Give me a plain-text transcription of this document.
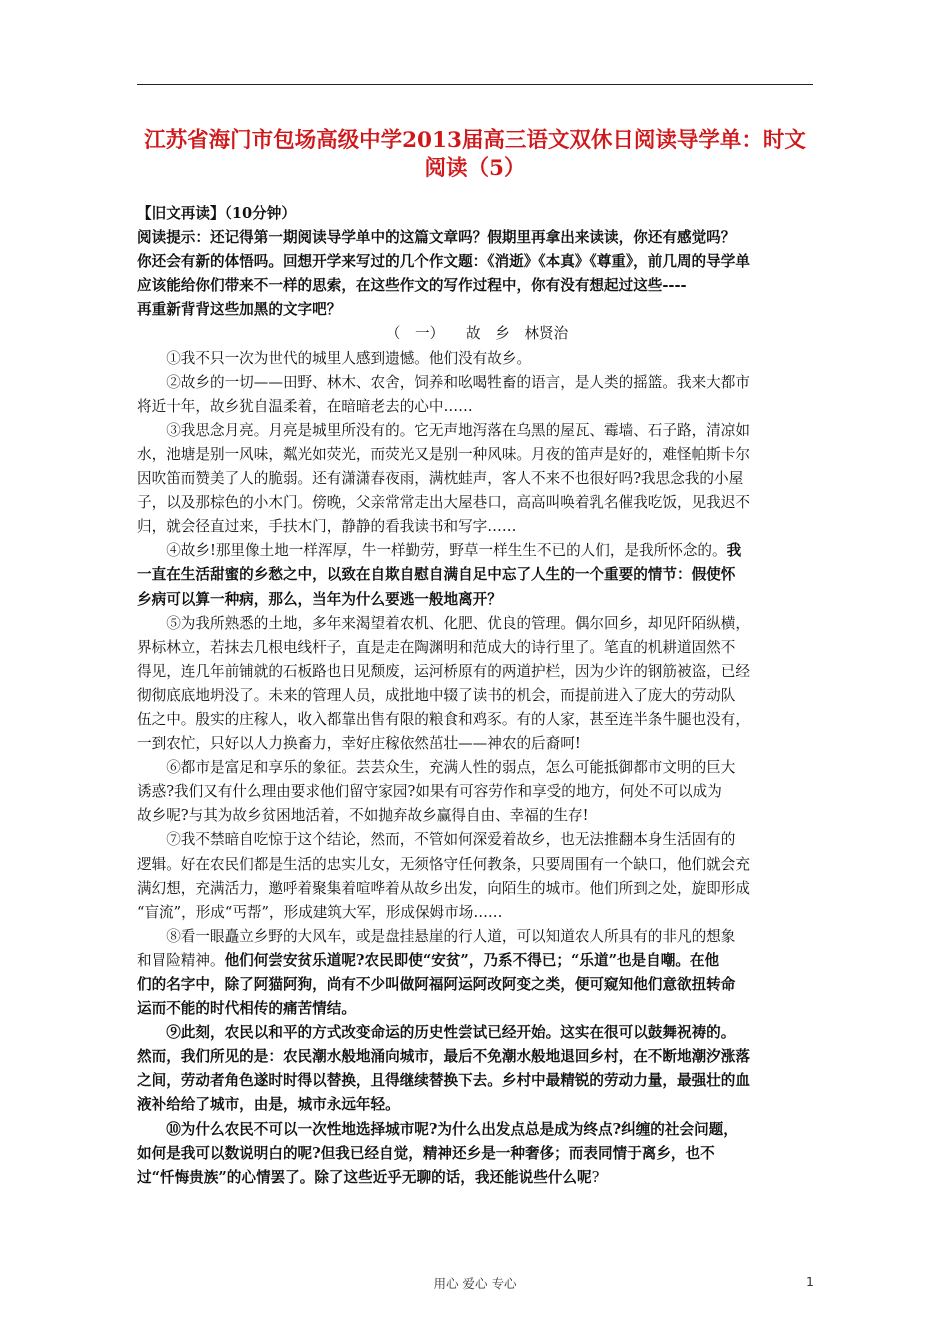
江苏省海门市包场高级中学2013届高三语文双休日阅读导学单：时文阅读（5）
【旧文再读】（10分钟）
阅读提示：还记得第一期阅读导学单中的这篇文章吗？假期里再拿出来读读，你还有感觉吗？
你还会有新的体悟吗。回想开学来写过的几个作文题：《消逝》《本真》《尊重》，前几周的导学单
应该能给你们带来不一样的思索，在这些作文的写作过程中，你有没有想起过这些----
再重新背背这些加黑的文字吧？
（　一）　　故　乡　林贤治
　　①我不只一次为世代的城里人感到遗憾。他们没有故乡。
　　②故乡的一切——田野、林木、农舍，饲养和吆喝牲畜的语言，是人类的摇篮。我来大都市
将近十年，故乡犹自温柔着，在暗暗老去的心中……
　　③我思念月亮。月亮是城里所没有的。它无声地泻落在乌黑的屋瓦、霉墙、石子路，清凉如
水，池塘是别一风味，粼光如荧光，而荧光又是别一种风味。月夜的笛声是好的，难怪帕斯卡尔
因吹笛而赞美了人的脆弱。还有潇潇春夜雨，满枕蛙声，客人不来不也很好吗?我思念我的小屋
子，以及那棕色的小木门。傍晚，父亲常常走出大屋巷口，高高叫唤着乳名催我吃饭，见我迟不
归，就会径直过来，手扶木门，静静的看我读书和写字……
　　④故乡!那里像土地一样浑厚，牛一样勤劳，野草一样生生不已的人们，是我所怀念的。我
一直在生活甜蜜的乡愁之中，以致在自欺自慰自满自足中忘了人生的一个重要的情节：假使怀
乡病可以算一种病，那么，当年为什么要逃一般地离开？
　　⑤为我所熟悉的土地，多年来渴望着农机、化肥、优良的管理。偶尔回乡，却见阡陌纵横，
界标林立，若抹去几根电线杆子，直是走在陶渊明和范成大的诗行里了。笔直的机耕道固然不
得见，连几年前铺就的石板路也日见颓废，运河桥原有的两道护栏，因为少许的钢筋被盗，已经
彻彻底底地坍没了。未来的管理人员，成批地中辍了读书的机会，而提前进入了庞大的劳动队
伍之中。殷实的庄稼人，收入都靠出售有限的粮食和鸡豕。有的人家，甚至连半条牛腿也没有，
一到农忙，只好以人力换畜力，幸好庄稼依然茁壮——神农的后裔呵!
　　⑥都市是富足和享乐的象征。芸芸众生，充满人性的弱点，怎么可能抵御都市文明的巨大
诱惑?我们又有什么理由要求他们留守家园?如果有可容劳作和享受的地方，何处不可以成为
故乡呢?与其为故乡贫困地活着，不如抛弃故乡赢得自由、幸福的生存!
　　⑦我不禁暗自吃惊于这个结论，然而，不管如何深爱着故乡，也无法推翻本身生活固有的
逻辑。好在农民们都是生活的忠实儿女，无须恪守任何教条，只要周围有一个缺口，他们就会充
满幻想，充满活力，邀呼着聚集着喧哗着从故乡出发，向陌生的城市。他们所到之处，旋即形成
“盲流”，形成“丐帮”，形成建筑大军，形成保姆市场……
　　⑧看一眼矗立乡野的大风车，或是盘挂悬崖的行人道，可以知道农人所具有的非凡的想象
和冒险精神。他们何尝安贫乐道呢?农民即使“安贫”，乃系不得已；“乐道”也是自嘲。在他
们的名字中，除了阿猫阿狗，尚有不少叫做阿福阿运阿改阿变之类，便可窥知他们意欲扭转命
运而不能的时代相传的痛苦情结。
　　⑨此刻，农民以和平的方式改变命运的历史性尝试已经开始。这实在很可以鼓舞祝祷的。
然而，我们所见的是：农民潮水般地涌向城市，最后不免潮水般地退回乡村，在不断地潮汐涨落
之间，劳动者角色遂时时得以替换，且得继续替换下去。乡村中最精锐的劳动力量，最强壮的血
液补给给了城市，由是，城市永远年轻。
　　⑩为什么农民不可以一次性地选择城市呢?为什么出发点总是成为终点?纠缠的社会问题，
如何是我可以数说明白的呢?但我已经自觉，精神还乡是一种奢侈；而表同情于离乡，也不
过“忏悔贵族”的心情罢了。除了这些近乎无聊的话，我还能说些什么呢?
用心 爱心 专心	1
